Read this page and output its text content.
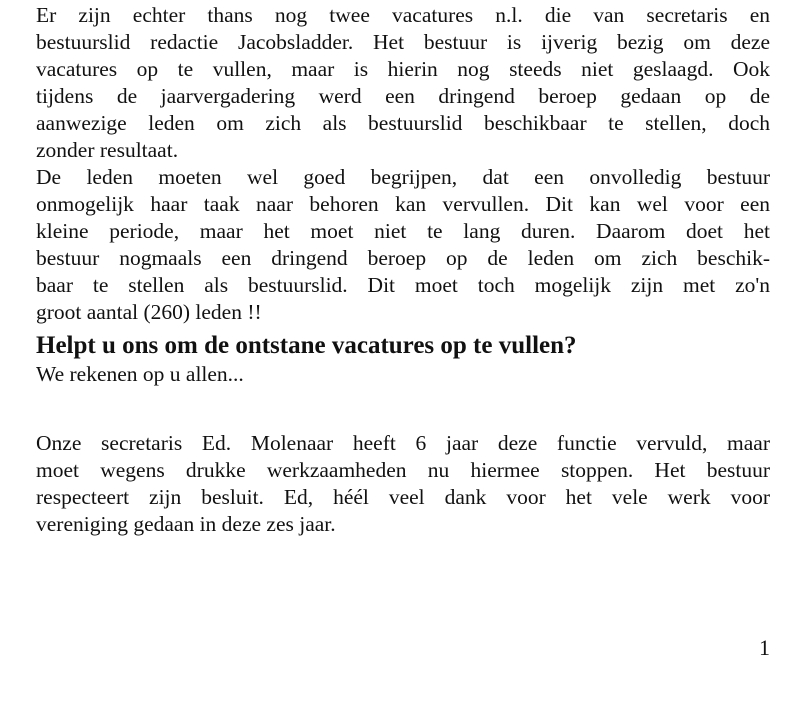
Er zijn echter thans nog twee vacatures n.l. die van secretaris en
bestuurslid redactie Jacobsladder. Het bestuur is ijverig bezig om deze
vacatures op te vullen, maar is hierin nog steeds niet geslaagd. Ook
tijdens de jaarvergadering werd een dringend beroep gedaan op de
aanwezige leden om zich als bestuurslid beschikbaar te stellen, doch
zonder resultaat.
De leden moeten wel goed begrijpen, dat een onvolledig bestuur
onmogelijk haar taak naar behoren kan vervullen. Dit kan wel voor een
kleine periode, maar het moet niet te lang duren. Daarom doet het
bestuur nogmaals een dringend beroep op de leden om zich beschik-
baar te stellen als bestuurslid. Dit moet toch mogelijk zijn met zo'n
groot aantal (260) leden !!
Helpt u ons om de ontstane vacatures op te vullen?
We rekenen op u allen...
Onze secretaris Ed. Molenaar heeft 6 jaar deze functie vervuld, maar
moet wegens drukke werkzaamheden nu hiermee stoppen. Het bestuur
respecteert zijn besluit. Ed, héél veel dank voor het vele werk voor
vereniging gedaan in deze zes jaar.
1
